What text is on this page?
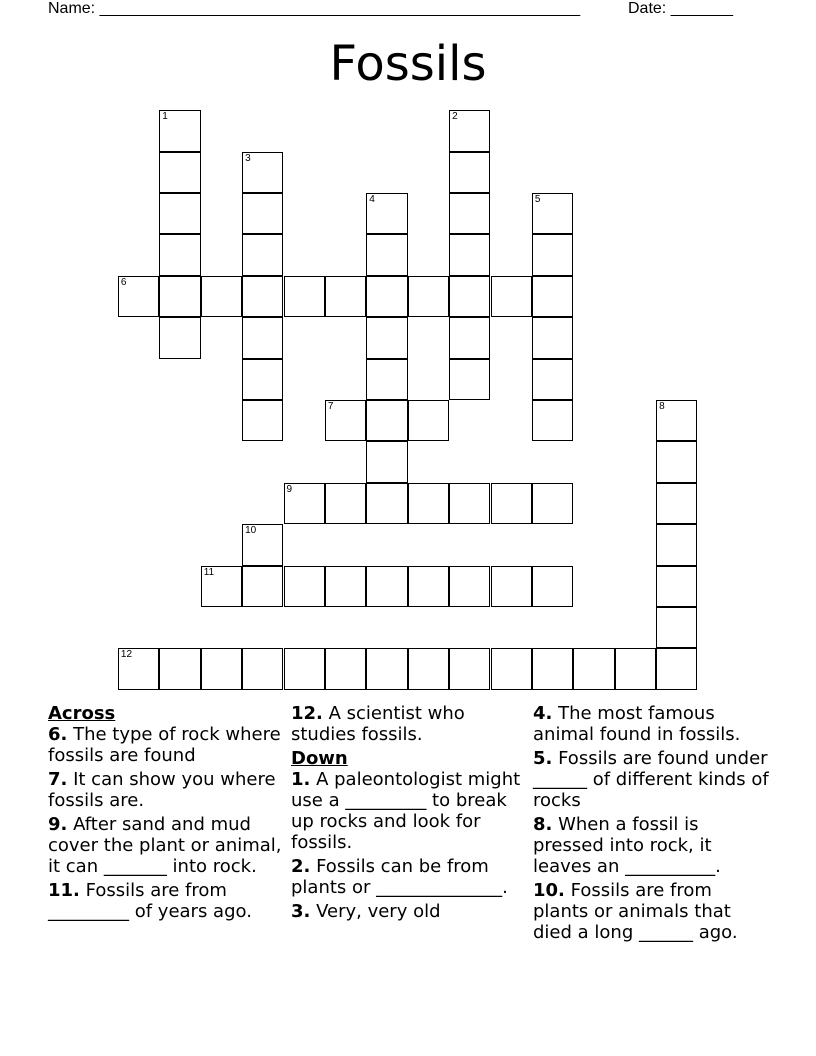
Name: ______________________________________________________	Date: _______
Fossils
1	2
3
4	5
6
7	8
9
10
11
12
Across
6. The type of rock where fossils are found
7. It can show you where fossils are.
9. After sand and mud cover the plant or animal, it can _______ into rock.
11. Fossils are from _________ of years ago.
12. A scientist who studies fossils.
Down
1. A paleontologist might use a _________ to break up rocks and look for fossils.
2. Fossils can be from plants or ______________.
3. Very, very old
4. The most famous animal found in fossils.
5. Fossils are found under ______ of different kinds of rocks
8. When a fossil is pressed into rock, it leaves an __________.
10. Fossils are from plants or animals that died a long ______ ago.
